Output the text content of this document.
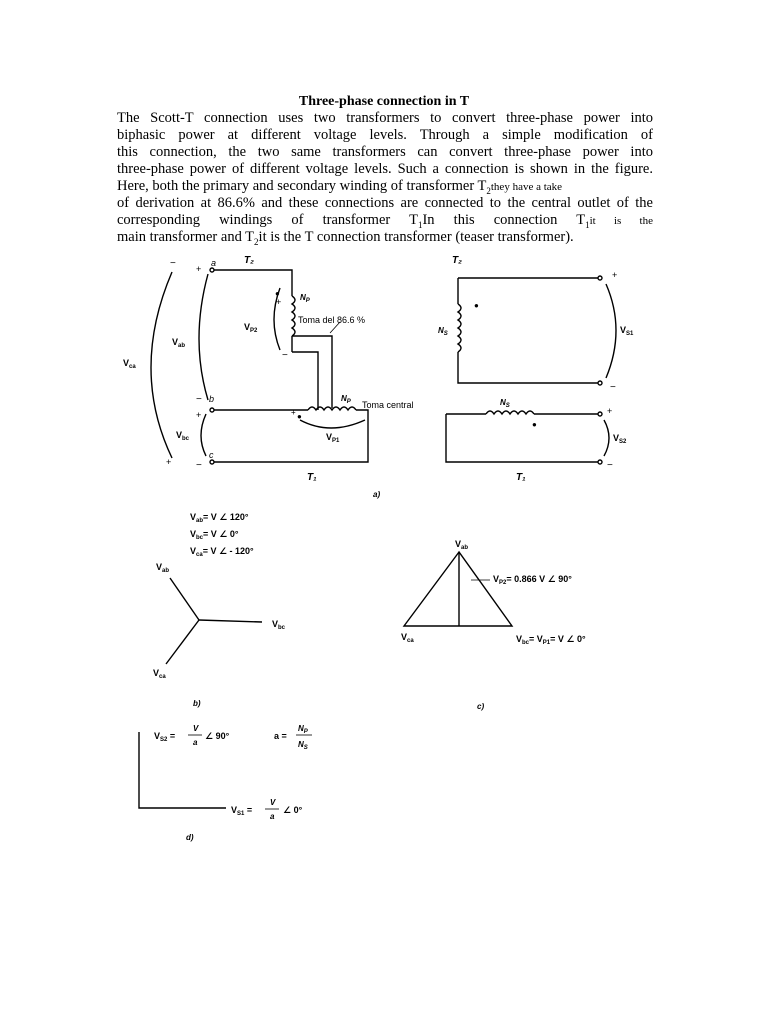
Three-phase connection in T
The Scott-T connection uses two transformers to convert three-phase power into
biphasic power at different voltage levels. Through a simple modification of
this connection, the two same transformers can convert three-phase power into
three-phase power of different voltage levels. Such a connection is shown in the figure.
Here, both the primary and secondary winding of transformer $T_2they$ have a take
of derivation at 86.6% and these connections are connected to the central outlet of the
corresponding windings of transformer $T_1In$ this connection $T_1it$ is the
main transformer and $T_2it$ is the T connection transformer (teaser transformer).
T₂
a
+
●
+ $N_P$
Toma del 86.6 %
−
$V_{P2}$
b
−
+	●
+
$N_P$ Toma central
$V_{P1}$
c
−
T₁
$V_{ab}$
$V_{bc}$
−
+
$V_{ca}$
a)
T₂
+
−
●
$N_S$	$V_{S1}$
$N_S$
●
+
−
$V_{S2}$
T₁
$V_{ab}= V$ ∠ 120°
$V_{bc}= V$ ∠ 0°
$V_{ca}= V$ ∠ - 120°
$V_{ab}$
$V_{bc}$
$V_{ca}$
b)
$V_{ab}$
$V_{P2}= 0.866$ V ∠ 90°
$V_{ca}$	$V_{bc}= V_{P1}= V$ ∠ 0°
c)
$V_{S2}$ =
V
a
∠ 90°	a =
$N_P$
$N_S$
$V_{S1}$ =
V
a
∠ 0°
d)
